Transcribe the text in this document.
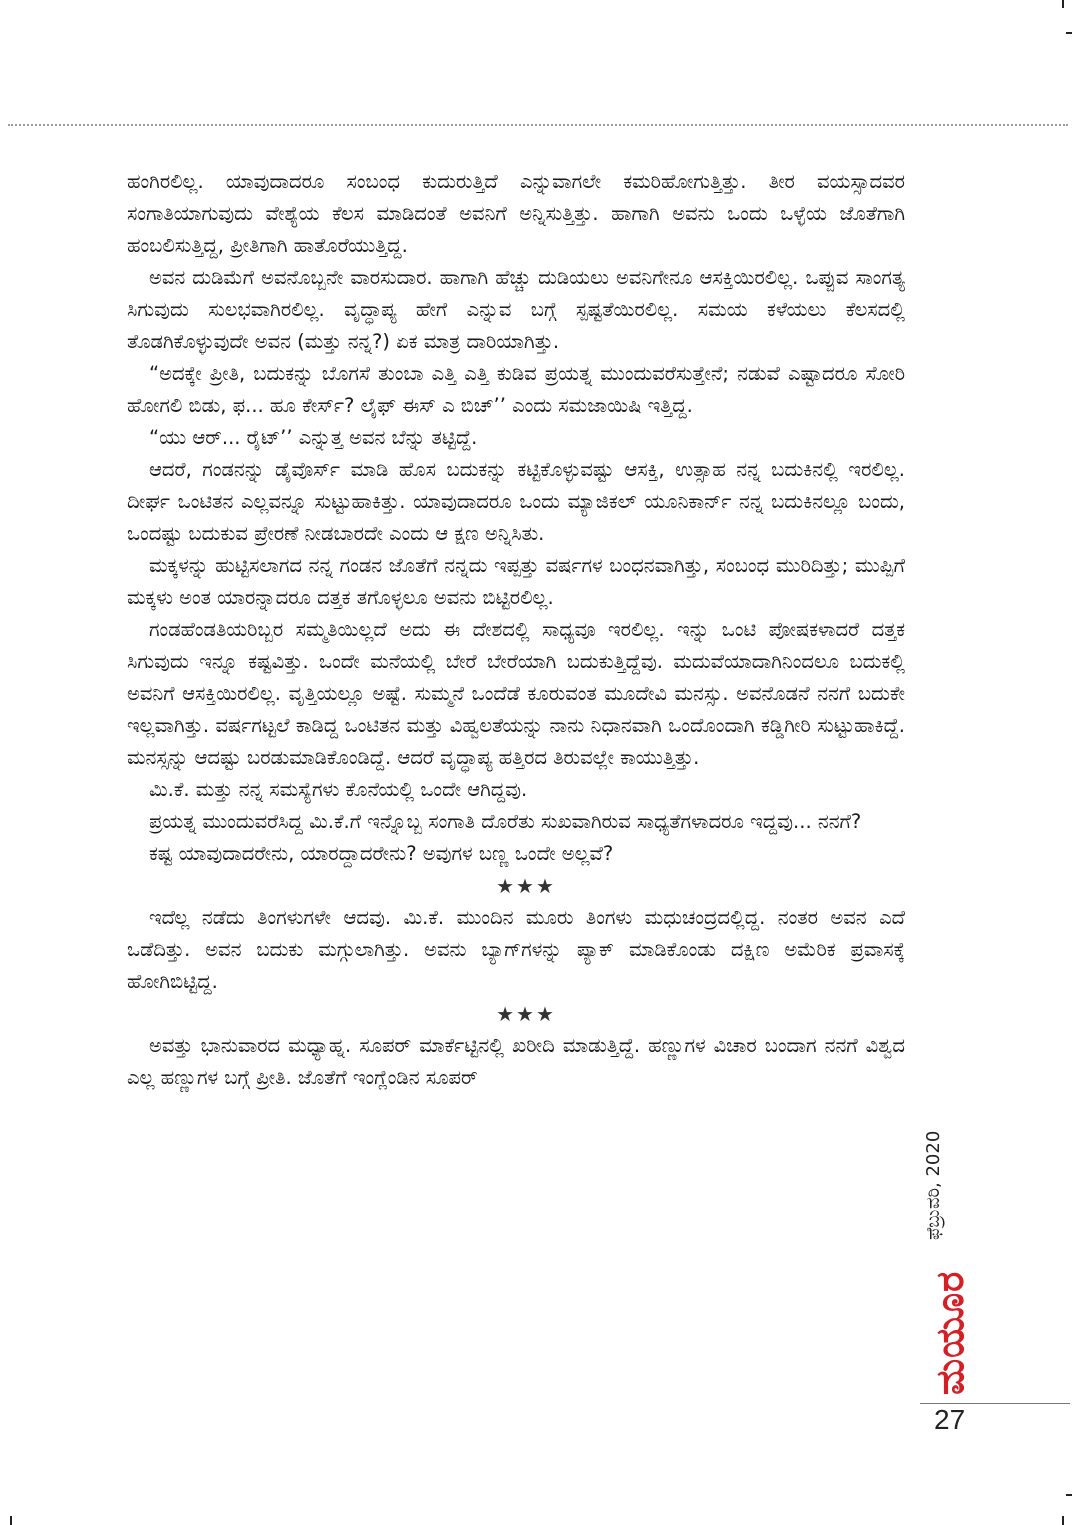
ಹಂಗಿರಲಿಲ್ಲ. ಯಾವುದಾದರೂ ಸಂಬಂಧ ಕುದುರುತ್ತಿದೆ ಎನ್ನುವಾಗಲೇ ಕಮರಿಹೋಗುತ್ತಿತ್ತು. ತೀರ ವಯಸ್ಸಾದವರ ಸಂಗಾತಿಯಾಗುವುದು ವೇಶ್ಯೆಯ ಕೆಲಸ ಮಾಡಿದಂತೆ ಅವನಿಗೆ ಅನ್ನಿಸುತ್ತಿತ್ತು. ಹಾಗಾಗಿ ಅವನು ಒಂದು ಒಳ್ಳೆಯ ಜೊತೆಗಾಗಿ ಹಂಬಲಿಸುತ್ತಿದ್ದ, ಪ್ರೀತಿಗಾಗಿ ಹಾತೊರೆಯುತ್ತಿದ್ದ.

ಅವನ ದುಡಿಮೆಗೆ ಅವನೊಬ್ಬನೇ ವಾರಸುದಾರ. ಹಾಗಾಗಿ ಹೆಚ್ಚು ದುಡಿಯಲು ಅವನಿಗೇನೂ ಆಸಕ್ತಿಯಿರಲಿಲ್ಲ. ಒಪ್ಪುವ ಸಾಂಗತ್ಯ ಸಿಗುವುದು ಸುಲಭವಾಗಿರಲಿಲ್ಲ. ವೃದ್ಧಾಪ್ಯ ಹೇಗೆ ಎನ್ನುವ ಬಗ್ಗೆ ಸ್ಪಷ್ಟತೆಯಿರಲಿಲ್ಲ. ಸಮಯ ಕಳೆಯಲು ಕೆಲಸದಲ್ಲಿ ತೊಡಗಿಕೊಳ್ಳುವುದೇ ಅವನ (ಮತ್ತು ನನ್ನ?) ಏಕ ಮಾತ್ರ ದಾರಿಯಾಗಿತ್ತು.

“ಅದಕ್ಕೇ ಪ್ರೀತಿ, ಬದುಕನ್ನು ಬೊಗಸೆ ತುಂಬಾ ಎತ್ತಿ ಎತ್ತಿ ಕುಡಿವ ಪ್ರಯತ್ನ ಮುಂದುವರೆಸುತ್ತೇನೆ; ನಡುವೆ ಎಷ್ಟಾದರೂ ಸೋರಿ ಹೋಗಲಿ ಬಿಡು, ಫ... ಹೂ ಕೇರ್ಸ್? ಲೈಫ್ ಈಸ್ ಎ ಬಿಚ್’’ ಎಂದು ಸಮಜಾಯಿಷಿ ಇತ್ತಿದ್ದ.

“ಯು ಆರ್... ರೈಟ್’’ ಎನ್ನುತ್ತ ಅವನ ಬೆನ್ನು ತಟ್ಟಿದ್ದೆ.

ಆದರೆ, ಗಂಡನನ್ನು ಡೈವೊರ್ಸ್ ಮಾಡಿ ಹೊಸ ಬದುಕನ್ನು ಕಟ್ಟಿಕೊಳ್ಳುವಷ್ಟು ಆಸಕ್ತಿ, ಉತ್ಸಾಹ ನನ್ನ ಬದುಕಿನಲ್ಲಿ ಇರಲಿಲ್ಲ. ದೀರ್ಘ ಒಂಟಿತನ ಎಲ್ಲವನ್ನೂ ಸುಟ್ಟುಹಾಕಿತ್ತು. ಯಾವುದಾದರೂ ಒಂದು ಮ್ಯಾಜಿಕಲ್ ಯೂನಿಕಾರ್ನ್ ನನ್ನ ಬದುಕಿನಲ್ಲೂ ಬಂದು, ಒಂದಷ್ಟು ಬದುಕುವ ಪ್ರೇರಣೆ ನೀಡಬಾರದೇ ಎಂದು ಆ ಕ್ಷಣ ಅನ್ನಿಸಿತು.

ಮಕ್ಕಳನ್ನು ಹುಟ್ಟಿಸಲಾಗದ ನನ್ನ ಗಂಡನ ಜೊತೆಗೆ ನನ್ನದು ಇಪ್ಪತ್ತು ವರ್ಷಗಳ ಬಂಧನವಾಗಿತ್ತು, ಸಂಬಂಧ ಮುರಿದಿತ್ತು; ಮುಪ್ಪಿಗೆ ಮಕ್ಕಳು ಅಂತ ಯಾರನ್ನಾದರೂ ದತ್ತಕ ತಗೊಳ್ಳಲೂ ಅವನು ಬಿಟ್ಟಿರಲಿಲ್ಲ.

ಗಂಡಹೆಂಡತಿಯರಿಬ್ಬರ ಸಮ್ಮತಿಯಿಲ್ಲದೆ ಅದು ಈ ದೇಶದಲ್ಲಿ ಸಾಧ್ಯವೂ ಇರಲಿಲ್ಲ. ಇನ್ನು ಒಂಟಿ ಪೋಷಕಳಾದರೆ ದತ್ತಕ ಸಿಗುವುದು ಇನ್ನೂ ಕಷ್ಟವಿತ್ತು. ಒಂದೇ ಮನೆಯಲ್ಲಿ ಬೇರೆ ಬೇರೆಯಾಗಿ ಬದುಕುತ್ತಿದ್ದೆವು. ಮದುವೆಯಾದಾಗಿನಿಂದಲೂ ಬದುಕಲ್ಲಿ ಅವನಿಗೆ ಆಸಕ್ತಿಯಿರಲಿಲ್ಲ. ವೃತ್ತಿಯಲ್ಲೂ ಅಷ್ಟೆ. ಸುಮ್ಮನೆ ಒಂದೆಡೆ ಕೂರುವಂತ ಮೂದೇವಿ ಮನಸ್ಸು. ಅವನೊಡನೆ ನನಗೆ ಬದುಕೇ ಇಲ್ಲವಾಗಿತ್ತು. ವರ್ಷಗಟ್ಟಲೆ ಕಾಡಿದ್ದ ಒಂಟಿತನ ಮತ್ತು ವಿಹ್ವಲತೆಯನ್ನು ನಾನು ನಿಧಾನವಾಗಿ ಒಂದೊಂದಾಗಿ ಕಡ್ಡಿಗೀರಿ ಸುಟ್ಟುಹಾಕಿದ್ದೆ. ಮನಸ್ಸನ್ನು ಆದಷ್ಟು ಬರಡುಮಾಡಿಕೊಂಡಿದ್ದೆ. ಆದರೆ ವೃದ್ಧಾಪ್ಯ ಹತ್ತಿರದ ತಿರುವಲ್ಲೇ ಕಾಯುತ್ತಿತ್ತು.

ಮಿ.ಕೆ. ಮತ್ತು ನನ್ನ ಸಮಸ್ಯೆಗಳು ಕೊನೆಯಲ್ಲಿ ಒಂದೇ ಆಗಿದ್ದವು.

ಪ್ರಯತ್ನ ಮುಂದುವರೆಸಿದ್ದ ಮಿ.ಕೆ.ಗೆ ಇನ್ನೊಬ್ಬ ಸಂಗಾತಿ ದೊರೆತು ಸುಖವಾಗಿರುವ ಸಾಧ್ಯತೆಗಳಾದರೂ ಇದ್ದವು... ನನಗೆ?

ಕಷ್ಟ ಯಾವುದಾದರೇನು, ಯಾರದ್ದಾದರೇನು? ಅವುಗಳ ಬಣ್ಣ ಒಂದೇ ಅಲ್ಲವೆ?

★★★

ಇದೆಲ್ಲ ನಡೆದು ತಿಂಗಳುಗಳೇ ಆದವು. ಮಿ.ಕೆ. ಮುಂದಿನ ಮೂರು ತಿಂಗಳು ಮಧುಚಂದ್ರದಲ್ಲಿದ್ದ. ನಂತರ ಅವನ ಎದೆ ಒಡೆದಿತ್ತು. ಅವನ ಬದುಕು ಮಗ್ಗುಲಾಗಿತ್ತು. ಅವನು ಬ್ಯಾಗ್‌ಗಳನ್ನು ಪ್ಯಾಕ್ ಮಾಡಿಕೊಂಡು ದಕ್ಷಿಣ ಅಮೆರಿಕ ಪ್ರವಾಸಕ್ಕೆ ಹೋಗಿಬಿಟ್ಟಿದ್ದ.

★★★

ಅವತ್ತು ಭಾನುವಾರದ ಮಧ್ಯಾಹ್ನ. ಸೂಪರ್ ಮಾರ್ಕೆಟ್ಟಿನಲ್ಲಿ ಖರೀದಿ ಮಾಡುತ್ತಿದ್ದೆ. ಹಣ್ಣುಗಳ ವಿಚಾರ ಬಂದಾಗ ನನಗೆ ವಿಶ್ವದ ಎಲ್ಲ ಹಣ್ಣುಗಳ ಬಗ್ಗೆ ಪ್ರೀತಿ. ಜೊತೆಗೆ ಇಂಗ್ಲೆಂಡಿನ ಸೂಪರ್

ಫೆಬ್ರುವರಿ, 2020
ಮಯೂರ
27
